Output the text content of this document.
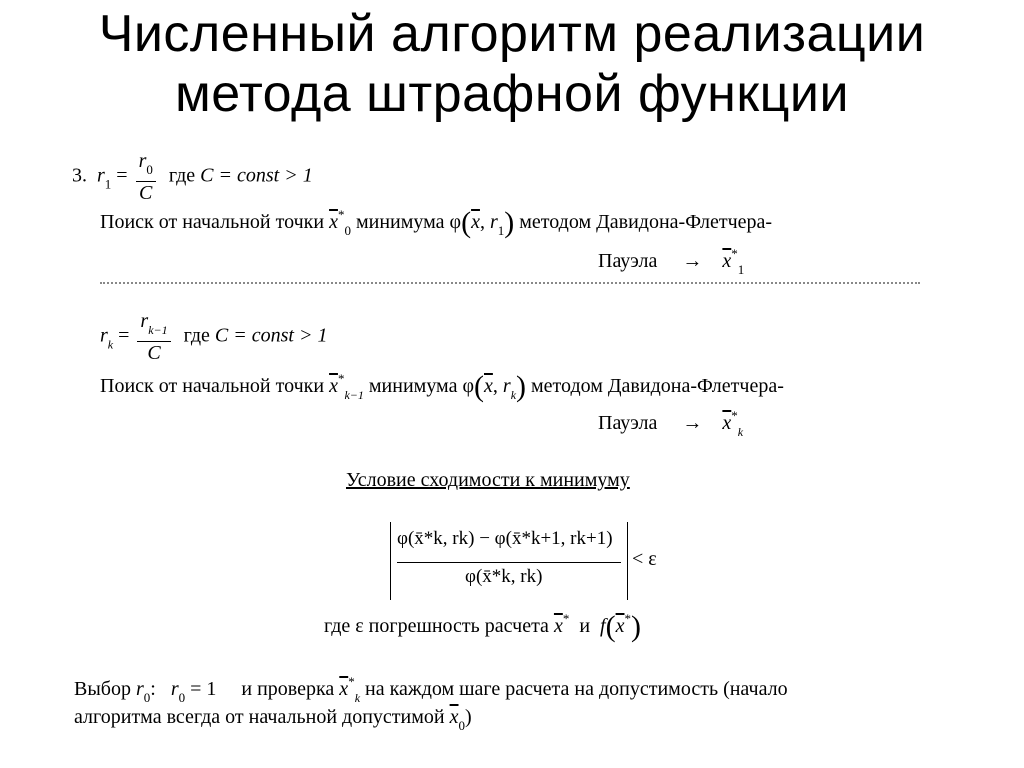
Численный алгоритм реализации
метода штрафной функции
3. $r_1 = \frac{r_0}{C}$ где C = const > 1
Поиск от начальной точки $\overline{x}^*_0$ минимума $\varphi(\overline{x}$, $r_1$) методом Давидона-Флетчера-
Пауэла → $\overline{x}^*_1$
$r_k = \frac{r_{k-1}}{C}$ где C = const > 1
Поиск от начальной точки $\overline{x}^*_{k-1}$ минимума $\varphi(\overline{x}$, $r_k$) методом Давидона-Флетчера-
Пауэла → $\overline{x}^*_k$
Условие сходимости к минимуму
φ(x̄*k, rk) − φ(x̄*k+1, rk+1)
φ(x̄*k, rk)
< ε
где ε погрешность расчета $\overline{x}^*$ и $f(\overline{x}^*)$
Выбор $r_0$: $r_0 = 1$ и проверка $\overline{x}^*_k$ на каждом шаге расчета на допустимость (начало
алгоритма всегда от начальной допустимой $\overline{x}_0$)
